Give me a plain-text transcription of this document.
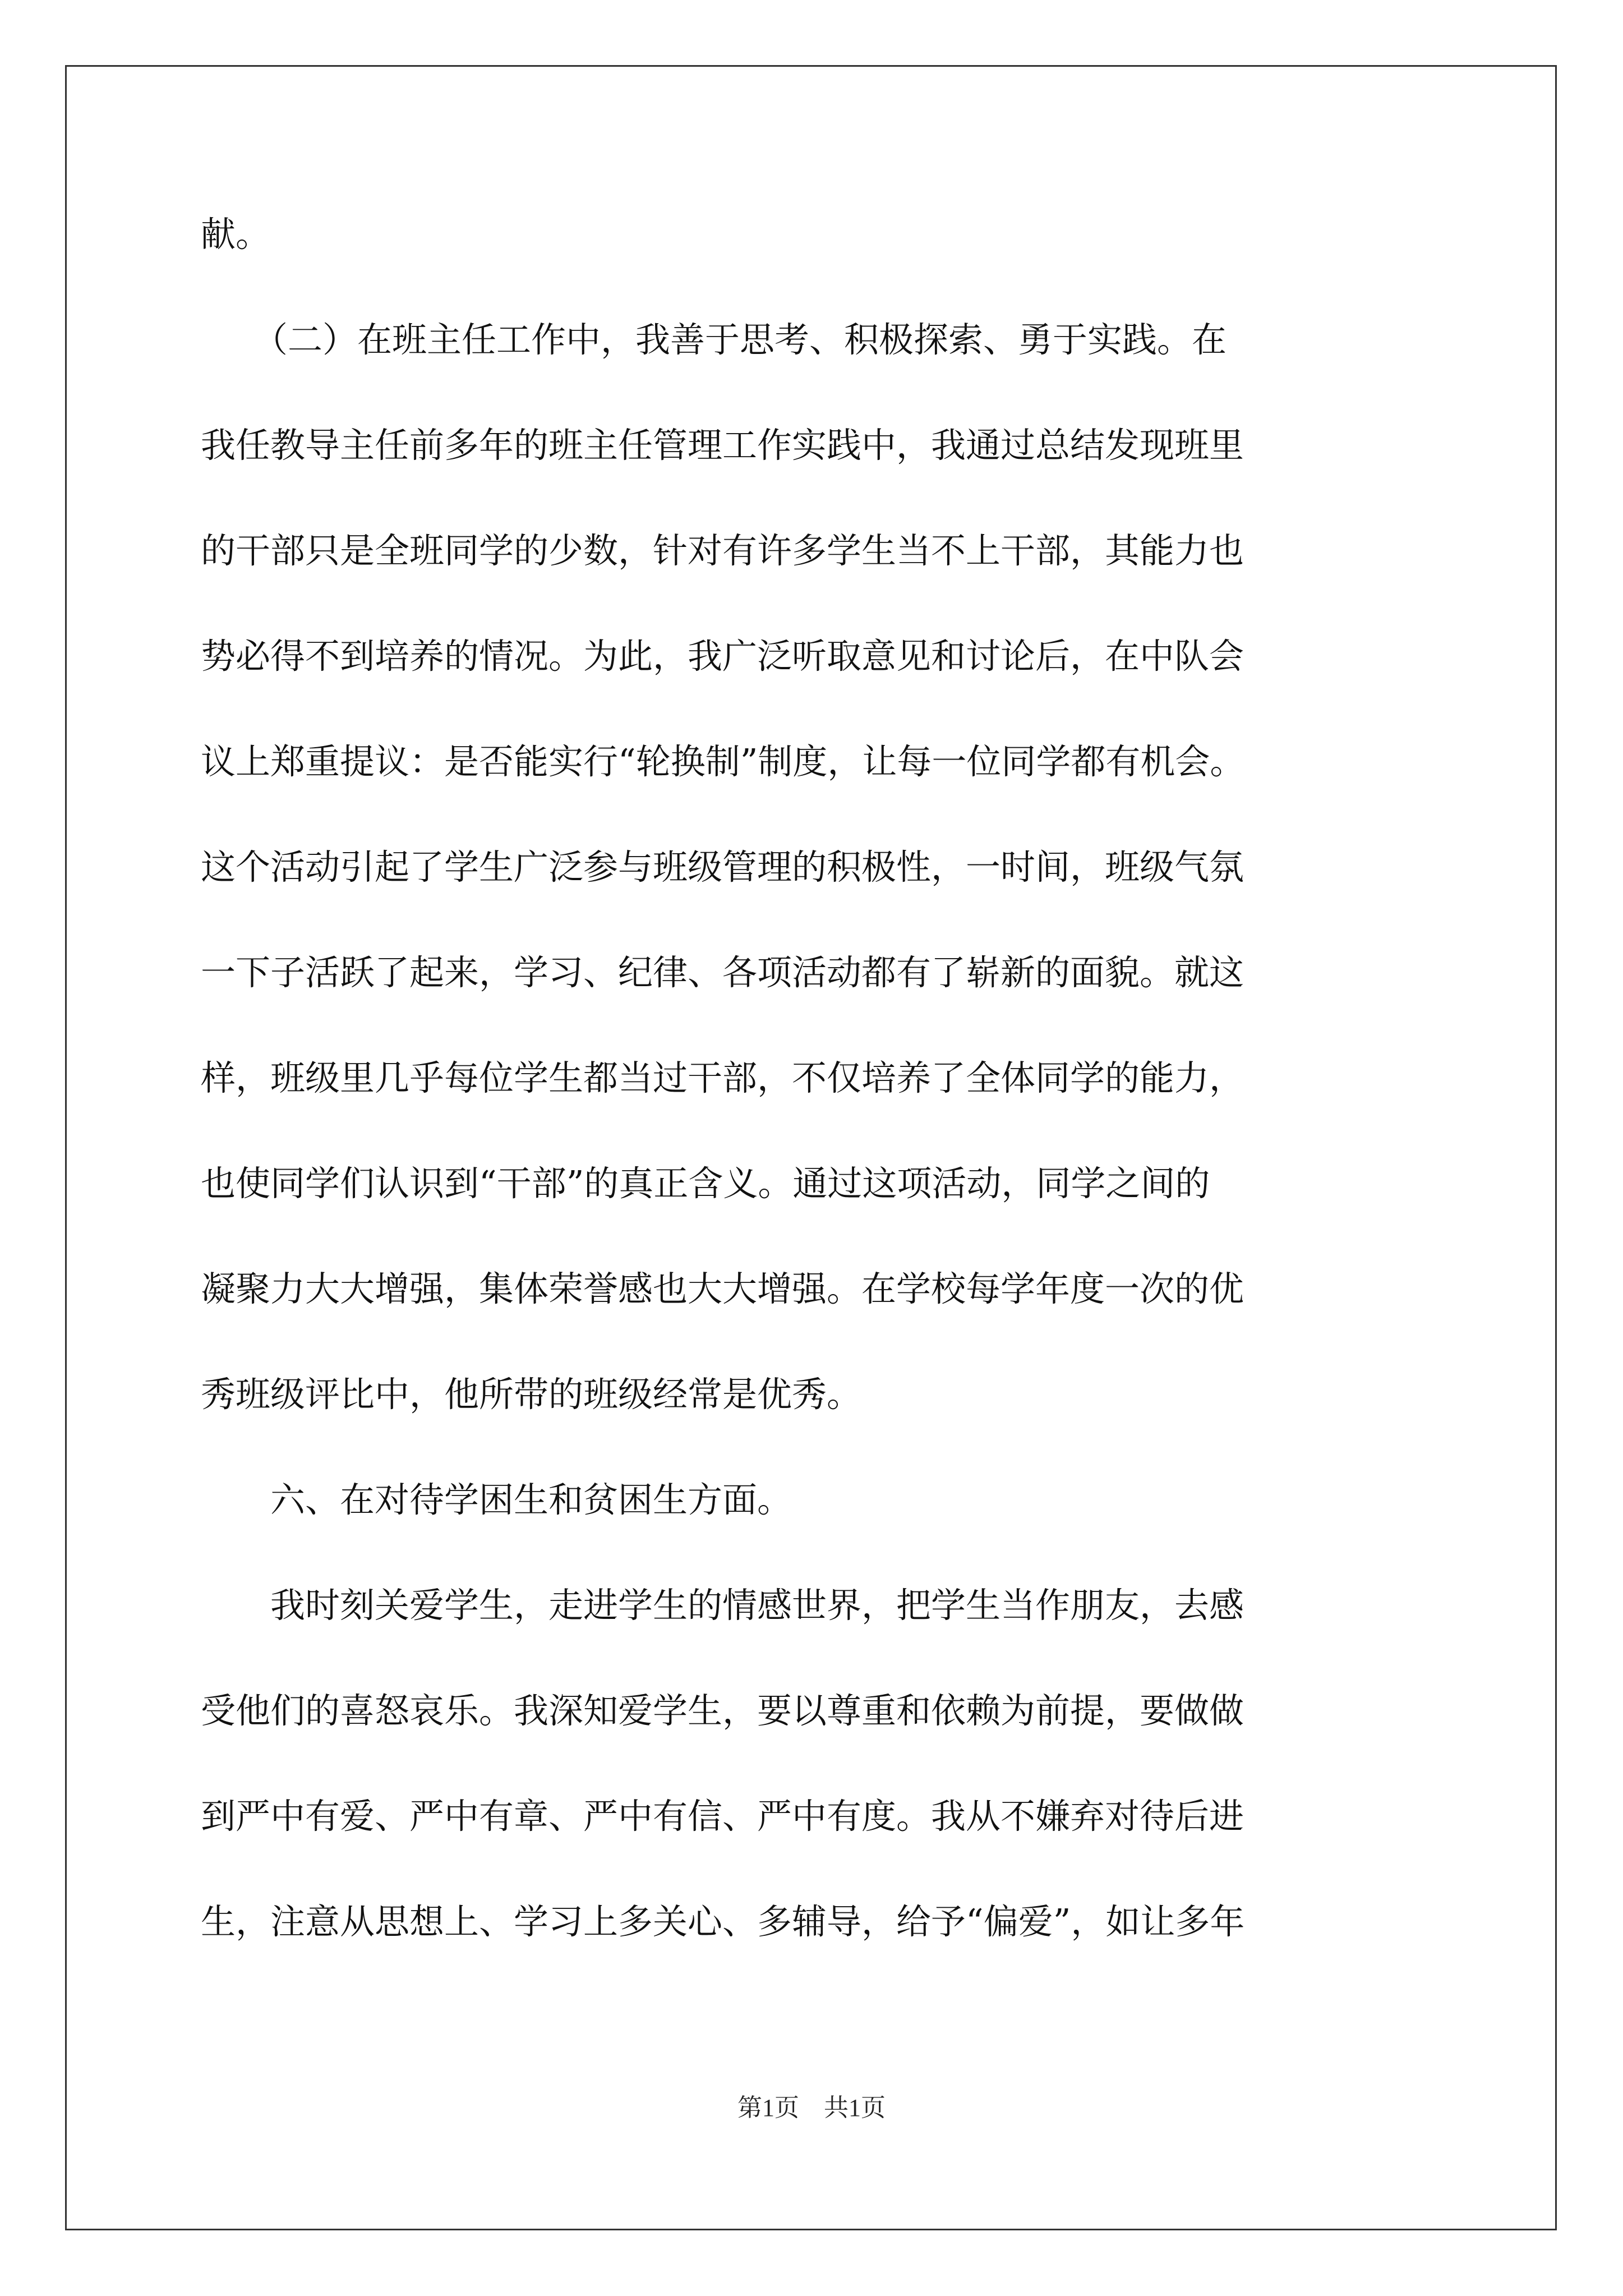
献。
　　（二）在班主任工作中，我善于思考、积极探索、勇于实践。在
我任教导主任前多年的班主任管理工作实践中，我通过总结发现班里
的干部只是全班同学的少数，针对有许多学生当不上干部，其能力也
势必得不到培养的情况。为此，我广泛听取意见和讨论后，在中队会
议上郑重提议：是否能实行“轮换制”制度，让每一位同学都有机会。
这个活动引起了学生广泛参与班级管理的积极性，一时间，班级气氛
一下子活跃了起来，学习、纪律、各项活动都有了崭新的面貌。就这
样，班级里几乎每位学生都当过干部，不仅培养了全体同学的能力，
也使同学们认识到“干部”的真正含义。通过这项活动，同学之间的
凝聚力大大增强，集体荣誉感也大大增强。在学校每学年度一次的优
秀班级评比中，他所带的班级经常是优秀。
　　六、在对待学困生和贫困生方面。
　　我时刻关爱学生，走进学生的情感世界，把学生当作朋友，去感
受他们的喜怒哀乐。我深知爱学生，要以尊重和依赖为前提，要做做
到严中有爱、严中有章、严中有信、严中有度。我从不嫌弃对待后进
生，注意从思想上、学习上多关心、多辅导，给予“偏爱”，如让多年
第1页　共1页
